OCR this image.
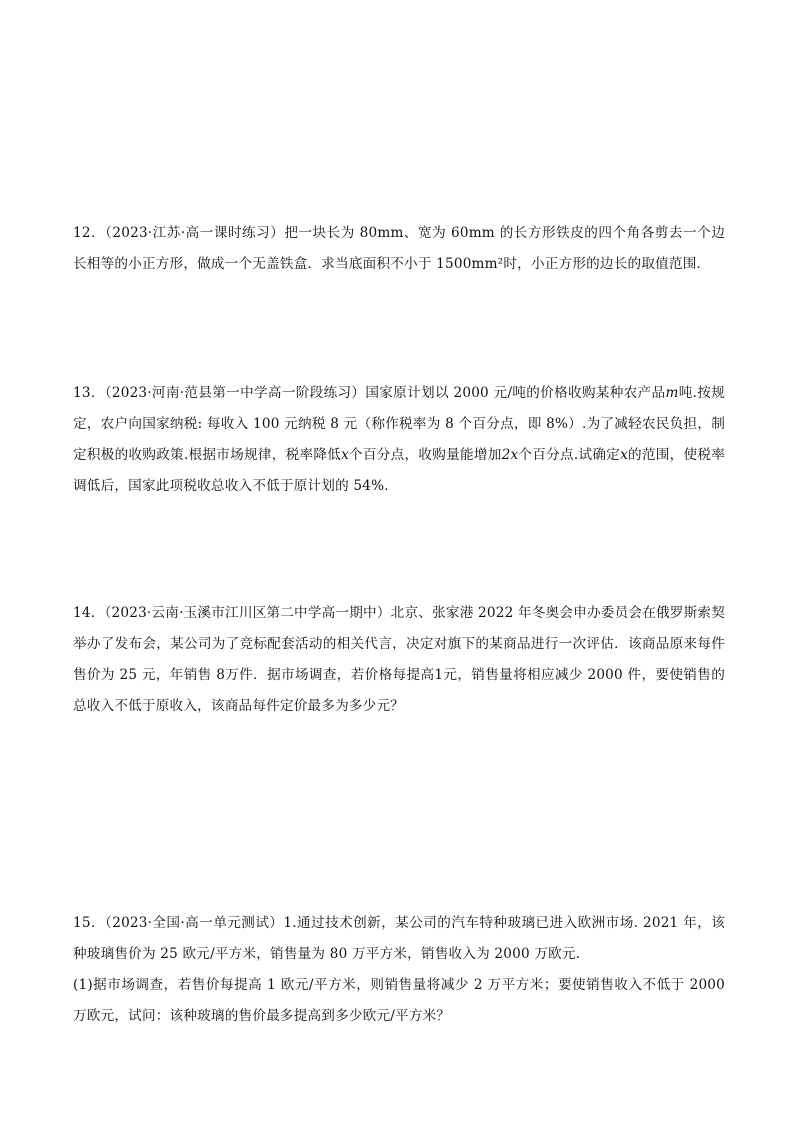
12．（2023·江苏·高一课时练习）把一块长为 80mm、宽为 60mm 的长方形铁皮的四个角各剪去一个边长相等的小正方形，做成一个无盖铁盒．求当底面积不小于 1500mm²时，小正方形的边长的取值范围．

13．（2023·河南·范县第一中学高一阶段练习）国家原计划以 2000 元/吨的价格收购某种农产品m吨.按规定，农户向国家纳税: 每收入 100 元纳税 8 元（称作税率为 8 个百分点，即 8%）.为了减轻农民负担，制定积极的收购政策.根据市场规律，税率降低x个百分点，收购量能增加2x个百分点.试确定x的范围，使税率调低后，国家此项税收总收入不低于原计划的 54%.

14．（2023·云南·玉溪市江川区第二中学高一期中）北京、张家港 2022 年冬奥会申办委员会在俄罗斯索契举办了发布会，某公司为了竞标配套活动的相关代言，决定对旗下的某商品进行一次评估．该商品原来每件售价为 25 元，年销售 8万件．据市场调查，若价格每提高1元，销售量将相应减少 2000 件，要使销售的总收入不低于原收入，该商品每件定价最多为多少元？

15．（2023·全国·高一单元测试）1.通过技术创新，某公司的汽车特种玻璃已进入欧洲市场. 2021 年，该种玻璃售价为 25 欧元/平方米，销售量为 80 万平方米，销售收入为 2000 万欧元.

(1)据市场调查，若售价每提高 1 欧元/平方米，则销售量将减少 2 万平方米；要使销售收入不低于 2000 万欧元，试问：该种玻璃的售价最多提高到多少欧元/平方米？
